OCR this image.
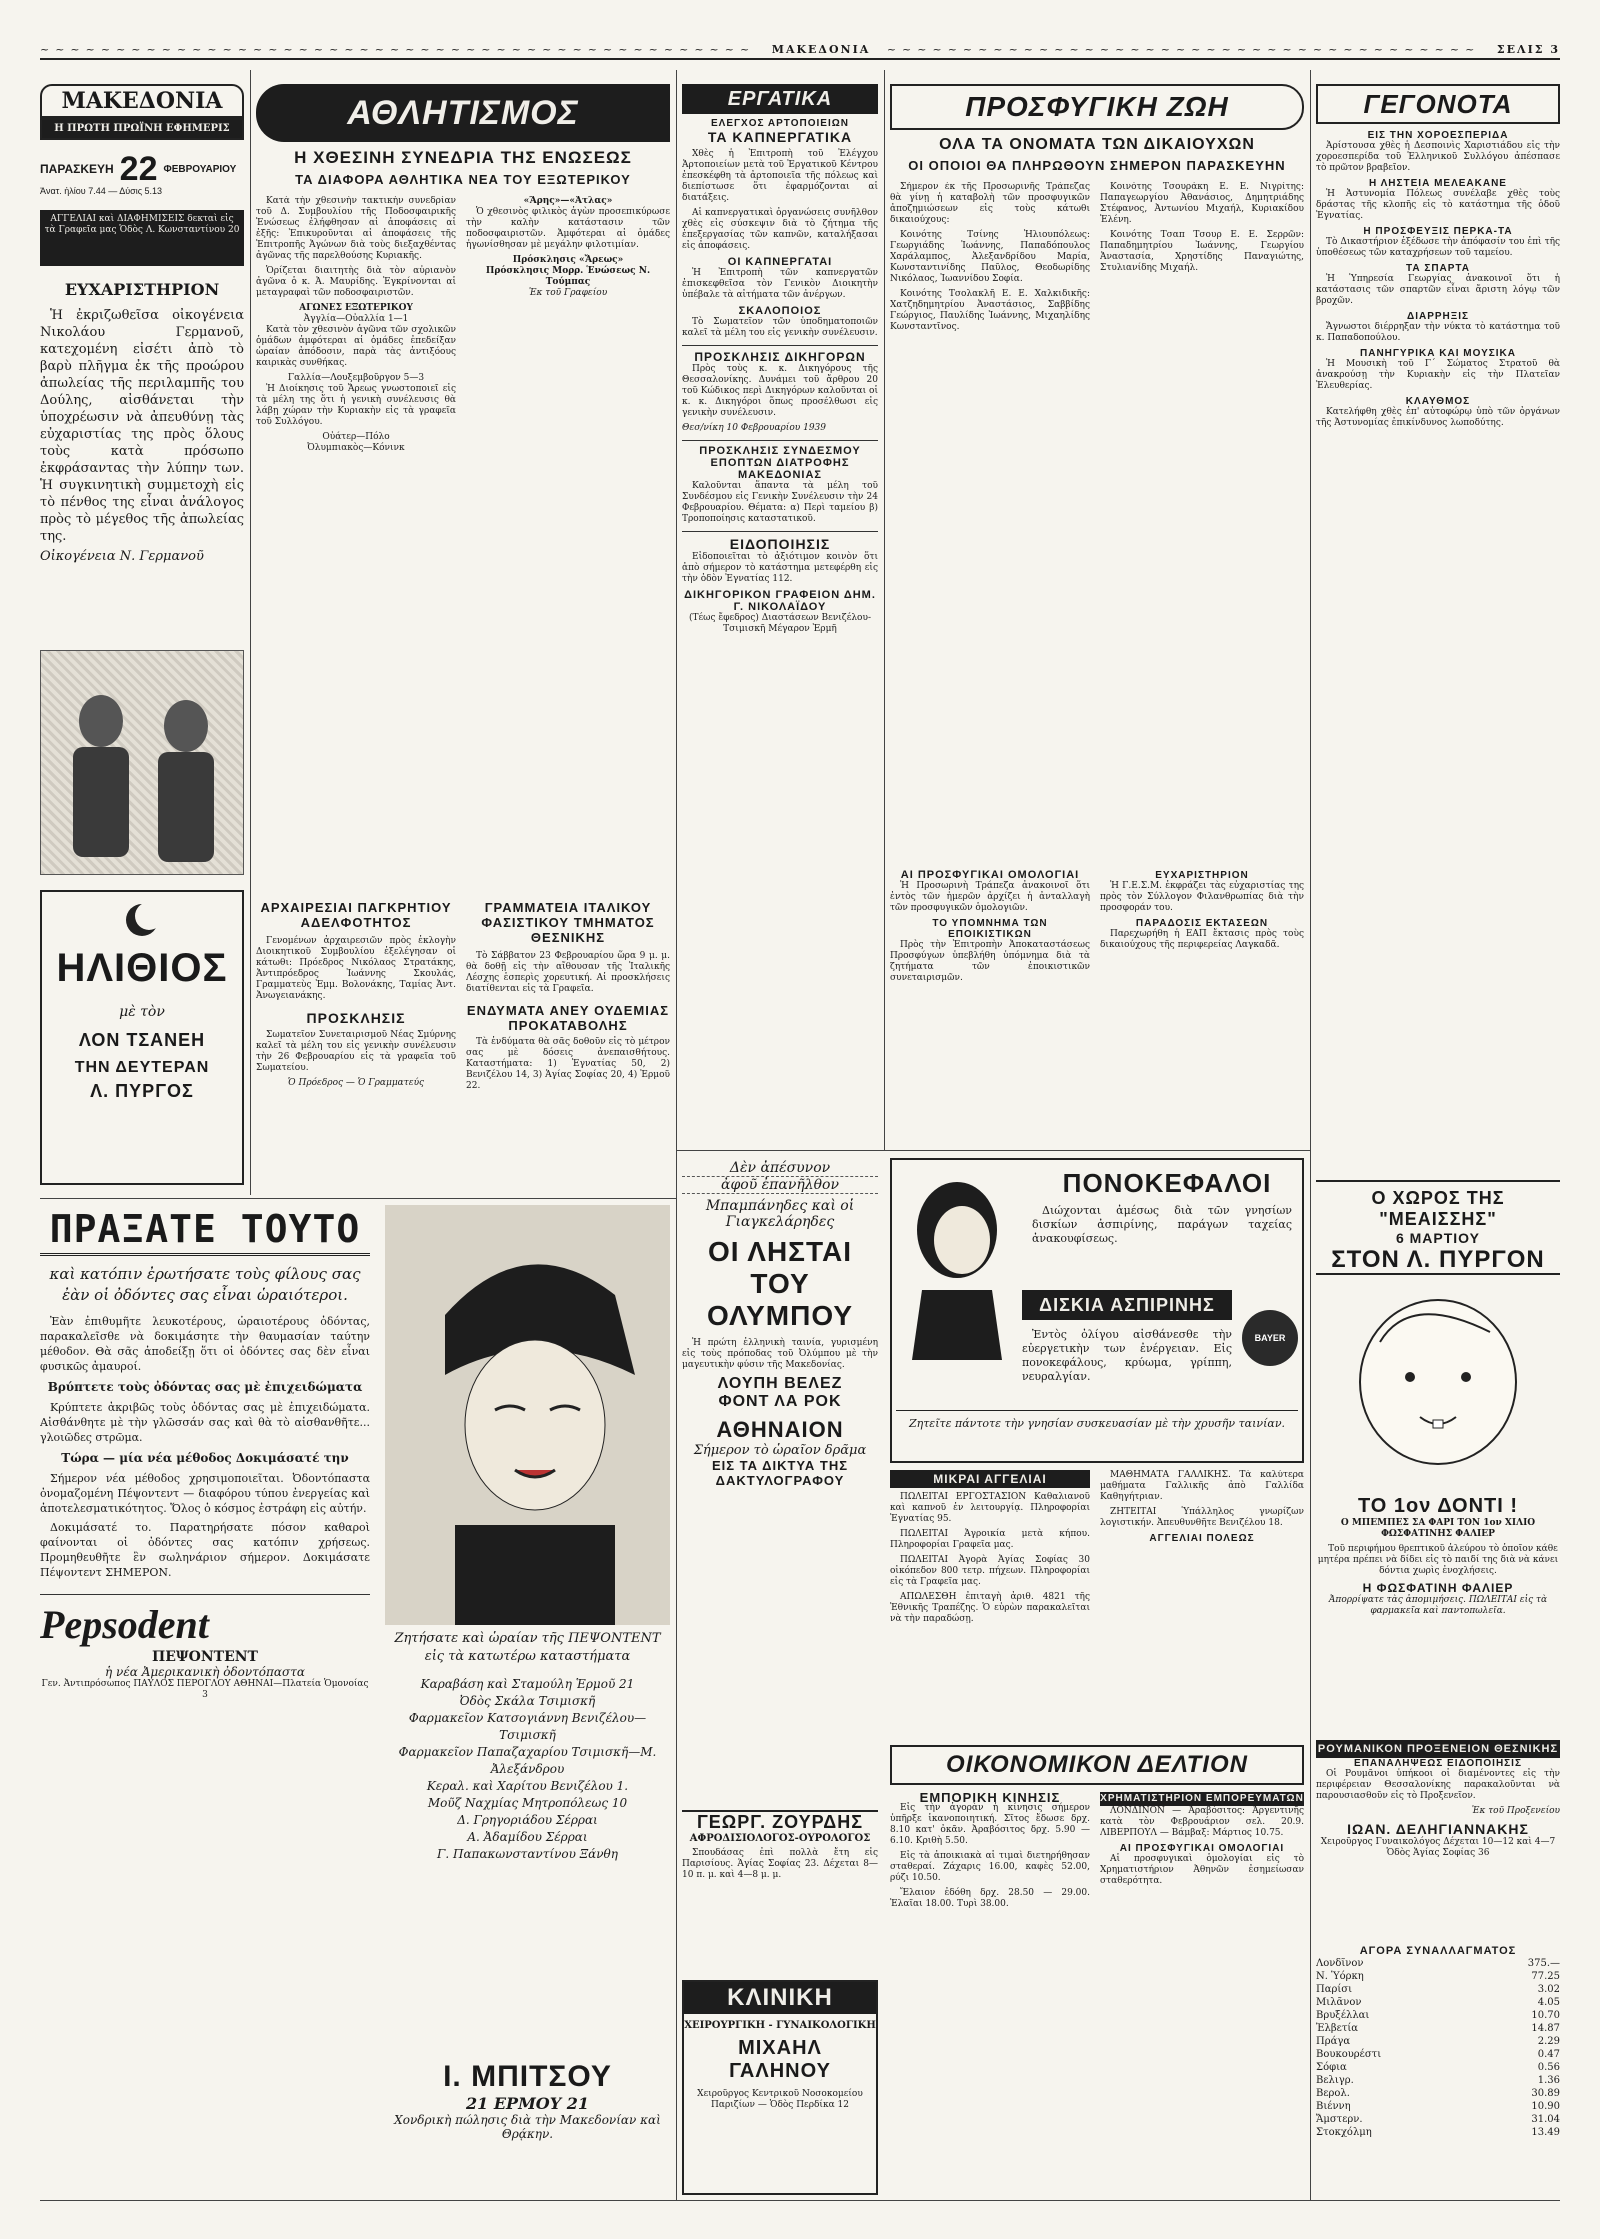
~~~~~~~~~~~~~~~~~~~~~~~~~~~~~~~~~~~~~~~~~~~~~~~ ΜΑΚΕΔΟΝΙΑ ~~~~~~~~~~~~~~~~~~~~~~~~~~~~~~~~~~~~~~~ ΣΕΛΙΣ 3
ΜΑΚΕΔΟΝΙΑ
Η ΠΡΩΤΗ ΠΡΩΪΝΗ ΕΦΗΜΕΡΙΣ
ΠΑΡΑΣΚΕΥΗ 22 ΦΕΒΡΟΥΑΡΙΟΥ
Ἀνατ. ἡλίου 7.44 — Δύσις 5.13
ΑΓΓΕΛΙΑΙ καὶ ΔΙΑΦΗΜΙΣΕΙΣ δεκταὶ εἰς τὰ Γραφεῖα μας Ὁδὸς Λ. Κωνσταντίνου 20
ΕΥΧΑΡΙΣΤΗΡΙΟΝ

Ἡ ἐκριζωθεῖσα οἰκογένεια Νικολάου Γερμανοῦ, κατεχομένη εἰσέτι ἀπὸ τὸ βαρὺ πλῆγμα ἐκ τῆς προώρου ἀπωλείας τῆς περιλαμπῆς του Δούλης, αἰσθάνεται τὴν ὑποχρέωσιν νὰ ἀπευθύνῃ τὰς εὐχαριστίας της πρὸς ὅλους τοὺς κατὰ πρόσωπο ἐκφράσαντας τὴν λύπην των. Ἡ συγκινητικὴ συμμετοχὴ εἰς τὸ πένθος της εἶναι ἀνάλογος πρὸς τὸ μέγεθος τῆς ἀπωλείας της.

Οἰκογένεια Ν. Γερμανοῦ
ΗΛΙΘΙΟΣ
μὲ τὸν
ΛΟΝ ΤΣΑΝΕΗ
ΤΗΝ ΔΕΥΤΕΡΑΝ
Λ. ΠΥΡΓΟΣ
ΑΘΛΗΤΙΣΜΟΣ
Η ΧΘΕΣΙΝΗ ΣΥΝΕΔΡΙΑ ΤΗΣ ΕΝΩΣΕΩΣ
ΤΑ ΔΙΑΦΟΡΑ ΑΘΛΗΤΙΚΑ ΝΕΑ ΤΟΥ ΕΞΩΤΕΡΙΚΟΥ

Κατὰ τὴν χθεσινὴν τακτικὴν συνεδρίαν τοῦ Δ. Συμβουλίου τῆς Ποδοσφαιρικῆς Ἑνώσεως ἐλήφθησαν αἱ ἀποφάσεις αἱ ἑξῆς: Ἐπικυροῦνται αἱ ἀποφάσεις τῆς Ἐπιτροπῆς Ἀγώνων διὰ τοὺς διεξαχθέντας ἀγῶνας τῆς παρελθούσης Κυριακῆς.

Ὁρίζεται διαιτητὴς διὰ τὸν αὐριανὸν ἀγῶνα ὁ κ. Ἀ. Μαυρίδης. Ἐγκρίνονται αἱ μεταγραφαὶ τῶν ποδοσφαιριστῶν.

ΑΓΩΝΕΣ ΕΞΩΤΕΡΙΚΟΥ
Ἀγγλία—Οὐαλλία 1—1

Κατὰ τὸν χθεσινὸν ἀγῶνα τῶν σχολικῶν ὁμάδων ἀμφότεραι αἱ ὁμάδες ἐπεδείξαν ὡραίαν ἀπόδοσιν, παρὰ τὰς ἀντιξόους καιρικὰς συνθήκας.

Γαλλία—Λουξεμβοῦργον 5—3

Ἡ Διοίκησις τοῦ Ἄρεως γνωστοποιεῖ εἰς τὰ μέλη της ὅτι ἡ γενικὴ συνέλευσις θὰ λάβῃ χώραν τὴν Κυριακὴν εἰς τὰ γραφεῖα τοῦ Συλλόγου.

Οὐάτερ—Πόλο
Ὀλυμπιακὸς—Κόνινκ
«Ἄρης»—«Ἀτλας»

Ὁ χθεσινὸς φιλικὸς ἀγὼν προσεπικύρωσε τὴν καλὴν κατάστασιν τῶν ποδοσφαιριστῶν. Ἀμφότεραι αἱ ὁμάδες ἠγωνίσθησαν μὲ μεγάλην φιλοτιμίαν.

Πρόσκλησις «Ἄρεως»
Πρόσκλησις Μορρ. Ἑνώσεως Ν. Τούμπας
Ἐκ τοῦ Γραφείου
ΑΡΧΑΙΡΕΣΙΑΙ ΠΑΓΚΡΗΤΙΟΥ ΑΔΕΛΦΟΤΗΤΟΣ

Γενομένων ἀρχαιρεσιῶν πρὸς ἐκλογὴν Διοικητικοῦ Συμβουλίου ἐξελέγησαν οἱ κάτωθι: Πρόεδρος Νικόλαος Στρατάκης, Ἀντιπρόεδρος Ἰωάννης Σκουλάς, Γραμματεὺς Ἐμμ. Βολονάκης, Ταμίας Ἀντ. Ἀνωγειανάκης.

ΠΡΟΣΚΛΗΣΙΣ

Σωματεῖον Συνεταιρισμοῦ Νέας Σμύρνης καλεῖ τὰ μέλη του εἰς γενικὴν συνέλευσιν τὴν 26 Φεβρουαρίου εἰς τὰ γραφεῖα τοῦ Σωματείου.

Ὁ Πρόεδρος — Ὁ Γραμματεύς
ΓΡΑΜΜΑΤΕΙΑ ΙΤΑΛΙΚΟΥ ΦΑΣΙΣΤΙΚΟΥ ΤΜΗΜΑΤΟΣ ΘΕΣΝΙΚΗΣ

Τὸ Σάββατον 23 Φεβρουαρίου ὥρα 9 μ. μ. θὰ δοθῇ εἰς τὴν αἴθουσαν τῆς Ἰταλικῆς Λέσχης ἑσπερὶς χορευτική. Αἱ προσκλήσεις διατίθενται εἰς τὰ Γραφεῖα.

ΕΝΔΥΜΑΤΑ ΑΝΕΥ ΟΥΔΕΜΙΑΣ ΠΡΟΚΑΤΑΒΟΛΗΣ

Τὰ ἐνδύματα θὰ σᾶς δοθοῦν εἰς τὸ μέτρον σας μὲ δόσεις ἀνεπαισθήτους. Καταστήματα: 1) Ἐγνατίας 50, 2) Βενιζέλου 14, 3) Ἁγίας Σοφίας 20, 4) Ἐρμοῦ 22.

ΕΡΓΑΤΙΚΑ
ΕΛΕΓΧΟΣ ΑΡΤΟΠΟΙΕΙΩΝ
ΤΑ ΚΑΠΝΕΡΓΑΤΙΚΑ

Χθὲς ἡ Ἐπιτροπὴ τοῦ Ἐλέγχου Ἀρτοποιείων μετὰ τοῦ Ἐργατικοῦ Κέντρου ἐπεσκέφθη τὰ ἀρτοποιεῖα τῆς πόλεως καὶ διεπίστωσε ὅτι ἐφαρμόζονται αἱ διατάξεις.

Αἱ καπνεργατικαὶ ὀργανώσεις συνῆλθον χθὲς εἰς σύσκεψιν διὰ τὸ ζήτημα τῆς ἐπεξεργασίας τῶν καπνῶν, καταλήξασαι εἰς ἀποφάσεις.

ΟΙ ΚΑΠΝΕΡΓΑΤΑΙ

Ἡ Ἐπιτροπὴ τῶν καπνεργατῶν ἐπισκεφθεῖσα τὸν Γενικὸν Διοικητὴν ὑπέβαλε τὰ αἰτήματα τῶν ἀνέργων.

ΣΚΑΛΟΠΟΙΟΣ

Τὸ Σωματεῖον τῶν ὑποδηματοποιῶν καλεῖ τὰ μέλη του εἰς γενικὴν συνέλευσιν.

ΠΡΟΣΚΛΗΣΙΣ ΔΙΚΗΓΟΡΩΝ

Πρὸς τοὺς κ. κ. Δικηγόρους τῆς Θεσσαλονίκης. Δυνάμει τοῦ ἄρθρου 20 τοῦ Κώδικος περὶ Δικηγόρων καλοῦνται οἱ κ. κ. Δικηγόροι ὅπως προσέλθωσι εἰς γενικὴν συνέλευσιν.

Θεσ/νίκη 10 Φεβρουαρίου 1939
ΠΡΟΣΚΛΗΣΙΣ ΣΥΝΔΕΣΜΟΥ ΕΠΟΠΤΩΝ ΔΙΑΤΡΟΦΗΣ ΜΑΚΕΔΟΝΙΑΣ

Καλοῦνται ἅπαντα τὰ μέλη τοῦ Συνδέσμου εἰς Γενικὴν Συνέλευσιν τὴν 24 Φεβρουαρίου. Θέματα: α) Περὶ ταμείου β) Τροποποίησις καταστατικοῦ.

ΕΙΔΟΠΟΙΗΣΙΣ

Εἰδοποιεῖται τὸ ἀξιότιμον κοινὸν ὅτι ἀπὸ σήμερον τὸ κατάστημα μετεφέρθη εἰς τὴν ὁδὸν Ἐγνατίας 112.

ΔΙΚΗΓΟΡΙΚΟΝ ΓΡΑΦΕΙΟΝ ΔΗΜ. Γ. ΝΙΚΟΛΑΪΔΟΥ
(Τέως ἔφεδρος) Διαστάσεων Βενιζέλου-Τσιμισκῆ Μέγαρον Ἐρμῆ
ΠΡΟΣΦΥΓΙΚΗ ΖΩΗ
ΟΛΑ ΤΑ ΟΝΟΜΑΤΑ ΤΩΝ ΔΙΚΑΙΟΥΧΩΝ
ΟΙ ΟΠΟΙΟΙ ΘΑ ΠΛΗΡΩΘΟΥΝ ΣΗΜΕΡΟΝ ΠΑΡΑΣΚΕΥΗΝ

Σήμερον ἐκ τῆς Προσωρινῆς Τράπεζας θὰ γίνῃ ἡ καταβολὴ τῶν προσφυγικῶν ἀποζημιώσεων εἰς τοὺς κάτωθι δικαιούχους:

Κοινότης Τσίνης Ἡλιουπόλεως: Γεωργιάδης Ἰωάννης, Παπαδόπουλος Χαράλαμπος, Ἀλεξανδρίδου Μαρία, Κωνσταντινίδης Παῦλος, Θεοδωρίδης Νικόλαος, Ἰωαννίδου Σοφία.

Κοινότης Τσολακλῆ Ε. Ε. Χαλκιδικῆς: Χατζηδημητρίου Ἀναστάσιος, Σαββίδης Γεώργιος, Παυλίδης Ἰωάννης, Μιχαηλίδης Κωνσταντῖνος.

Κοινότης Τσουράκη Ε. Ε. Νιγρίτης: Παπαγεωργίου Ἀθανάσιος, Δημητριάδης Στέφανος, Ἀντωνίου Μιχαήλ, Κυριακίδου Ἑλένη.

Κοινότης Τσαπ Τσουρ Ε. Ε. Σερρῶν: Παπαδημητρίου Ἰωάννης, Γεωργίου Ἀναστασία, Χρηστίδης Παναγιώτης, Στυλιανίδης Μιχαήλ.

ΑΙ ΠΡΟΣΦΥΓΙΚΑΙ ΟΜΟΛΟΓΙΑΙ

Ἡ Προσωρινὴ Τράπεζα ἀνακοινοῖ ὅτι ἐντὸς τῶν ἡμερῶν ἀρχίζει ἡ ἀνταλλαγὴ τῶν προσφυγικῶν ὁμολογιῶν.

ΤΟ ΥΠΟΜΝΗΜΑ ΤΩΝ ΕΠΟΙΚΙΣΤΙΚΩΝ

Πρὸς τὴν Ἐπιτροπὴν Ἀποκαταστάσεως Προσφύγων ὑπεβλήθη ὑπόμνημα διὰ τὰ ζητήματα τῶν ἐποικιστικῶν συνεταιρισμῶν.

ΕΥΧΑΡΙΣΤΗΡΙΟΝ

Ἡ Γ.Ε.Σ.Μ. ἐκφράζει τὰς εὐχαριστίας της πρὸς τὸν Σύλλογον Φιλανθρωπίας διὰ τὴν προσφοράν του.

ΠΑΡΑΔΟΣΙΣ ΕΚΤΑΣΕΩΝ

Παρεχωρήθη ἡ ΕΑΠ ἔκτασις πρὸς τοὺς δικαιούχους τῆς περιφερείας Λαγκαδᾶ.

ΓΕΓΟΝΟΤΑ
ΕΙΣ ΤΗΝ ΧΟΡΟΕΣΠΕΡΙΔΑ

Ἀρίστουσα χθὲς ἡ Δεσποινὶς Χαριστιάδου εἰς τὴν χοροεσπερίδα τοῦ Ἑλληνικοῦ Συλλόγου ἀπέσπασε τὸ πρῶτον βραβεῖον.

Η ΛΗΣΤΕΙΑ ΜΕΛΕΑΚΑΝΕ

Ἡ Ἀστυνομία Πόλεως συνέλαβε χθὲς τοὺς δράστας τῆς κλοπῆς εἰς τὸ κατάστημα τῆς ὁδοῦ Ἐγνατίας.

Η ΠΡΟΣΦΕΥΞΙΣ ΠΕΡΚΑ-ΤΑ

Τὸ Δικαστήριον ἐξέδωσε τὴν ἀπόφασίν του ἐπὶ τῆς ὑποθέσεως τῶν καταχρήσεων τοῦ ταμείου.

ΤΑ ΣΠΑΡΤΑ

Ἡ Ὑπηρεσία Γεωργίας ἀνακοινοῖ ὅτι ἡ κατάστασις τῶν σπαρτῶν εἶναι ἄριστη λόγῳ τῶν βροχῶν.

ΔΙΑΡΡΗΞΙΣ

Ἄγνωστοι διέρρηξαν τὴν νύκτα τὸ κατάστημα τοῦ κ. Παπαδοπούλου.

ΠΑΝΗΓΥΡΙΚΑ ΚΑΙ ΜΟΥΣΙΚΑ

Ἡ Μουσικὴ τοῦ Γ΄ Σώματος Στρατοῦ θὰ ἀνακρούσῃ τὴν Κυριακὴν εἰς τὴν Πλατεῖαν Ἐλευθερίας.

ΚΛΑΥΘΜΟΣ

Κατελήφθη χθὲς ἐπ' αὐτοφώρῳ ὑπὸ τῶν ὀργάνων τῆς Ἀστυνομίας ἐπικίνδυνος λωποδύτης.

ΠΡΑΞΑΤΕ ΤΟΥΤΟ
καὶ κατόπιν ἐρωτήσατε τοὺς φίλους σας ἐὰν οἱ ὀδόντες σας εἶναι ὡραιότεροι.

Ἐὰν ἐπιθυμῆτε λευκοτέρους, ὡραιοτέρους ὀδόντας, παρακαλεῖσθε νὰ δοκιμάσητε τὴν θαυμασίαν ταύτην μέθοδον. Θὰ σᾶς ἀποδείξῃ ὅτι οἱ ὀδόντες σας δὲν εἶναι φυσικῶς ἀμαυροί.

Βρύπτετε τοὺς ὀδόντας σας μὲ ἐπιχειδώματα

Κρύπτετε ἀκριβῶς τοὺς ὀδόντας σας μὲ ἐπιχειδώματα. Αἰσθάνθητε μὲ τὴν γλῶσσάν σας καὶ θὰ τὸ αἰσθανθῆτε... γλοιῶδες στρῶμα.

Τώρα — μία νέα μέθοδος Δοκιμάσατέ την

Σήμερον νέα μέθοδος χρησιμοποιεῖται. Ὀδοντόπαστα ὀνομαζομένη Πέψοντεντ — διαφόρου τύπου ἐνεργείας καὶ ἀποτελεσματικότητος. Ὅλος ὁ κόσμος ἐστράφη εἰς αὐτήν.

Δοκιμάσατέ το. Παρατηρήσατε πόσον καθαροὶ φαίνονται οἱ ὀδόντες σας κατόπιν χρήσεως. Προμηθευθῆτε ἓν σωληνάριον σήμερον. Δοκιμάσατε Πέψοντεντ ΣΗΜΕΡΟΝ.

Pepsodent
ΠΕΨΟΝΤΕΝΤ
ἡ νέα Ἀμερικανικὴ ὀδοντόπαστα
Γεν. Ἀντιπρόσωπος ΠΑΥΛΟΣ ΠΕΡΟΓΛΟΥ ΑΘΗΝΑΙ—Πλατεία Ὁμονοίας 3
Ζητήσατε καὶ ὡραίαν τῆς ΠΕΨΟΝΤΕΝΤ εἰς τὰ κατωτέρω καταστήματα
Καραβάση καὶ Σταμούλη Ἑρμοῦ 21
Ὀδὸς Σκάλα Τσιμισκῆ
Φαρμακεῖον Κατσογιάννη Βενιζέλου—Τσιμισκῆ
Φαρμακεῖον Παπαζαχαρίου Τσιμισκῆ—Μ. Ἀλεξάνδρου
Κεραλ. καὶ Χαρίτου Βενιζέλου 1.
Μοῦζ Ναχμίας Μητροπόλεως 10
Δ. Γρηγοριάδου Σέρραι
Α. Ἀδαμίδου Σέρραι
Γ. Παπακωνσταντίνου Ξάνθη
Ι. ΜΠΙΤΣΟΥ
21 ΕΡΜΟΥ 21
Χονδρικὴ πώλησις διὰ τὴν Μακεδονίαν καὶ Θρᾴκην.
Δὲν ἀπέσυνον
ἀφοῦ ἐπανῆλθον
Μπαμπάνηδες καὶ οἱ Γιαγκελάρηδες
ΟΙ ΛΗΣΤΑΙ ΤΟΥ ΟΛΥΜΠΟΥ

Ἡ πρώτη ἐλληνικὴ ταινία, γυρισμένη εἰς τοὺς πρόποδας τοῦ Ὀλύμπου μὲ τὴν μαγευτικὴν φύσιν τῆς Μακεδονίας.

ΛΟΥΠΗ ΒΕΛΕΖ
ΦΟΝΤ ΛΑ ΡΟΚ
ΑΘΗΝΑΙΟΝ
Σήμερον τὸ ὡραῖον δρᾶμα
ΕΙΣ ΤΑ ΔΙΚΤΥΑ ΤΗΣ ΔΑΚΤΥΛΟΓΡΑΦΟΥ
ΓΕΩΡΓ. ΖΟΥΡΔΗΣ
ΑΦΡΟΔΙΣΙΟΛΟΓΟΣ-ΟΥΡΟΛΟΓΟΣ

Σπουδάσας ἐπὶ πολλὰ ἔτη εἰς Παρισίους. Ἁγίας Σοφίας 23. Δέχεται 8—10 π. μ. καὶ 4—8 μ. μ.

ΚΛΙΝΙΚΗ
ΧΕΙΡΟΥΡΓΙΚΗ - ΓΥΝΑΙΚΟΛΟΓΙΚΗ
ΜΙΧΑΗΛ ΓΑΛΗΝΟΥ
Χειροῦργος Κεντρικοῦ Νοσοκομείου Παριζίων — Ὁδὸς Περδίκα 12
ΠΟΝΟΚΕΦΑΛΟΙ

Διώχονται ἀμέσως διὰ τῶν γνησίων δισκίων ἀσπιρίνης, παράγων ταχείας ἀνακουφίσεως.

ΔΙΣΚΙΑ ΑΣΠΙΡΙΝΗΣ

Ἐντὸς ὀλίγου αἰσθάνεσθε τὴν εὐεργετικὴν των ἐνέργειαν. Εἰς πονοκεφάλους, κρύωμα, γρίππη, νευραλγίαν.

BAYER
Ζητεῖτε πάντοτε τὴν γνησίαν συσκευασίαν μὲ τὴν χρυσῆν ταινίαν.
ΜΙΚΡΑΙ ΑΓΓΕΛΙΑΙ

ΠΩΛΕΙΤΑΙ ΕΡΓΟΣΤΑΣΙΟΝ Καθαλιανοῦ καὶ καπνοῦ ἐν λειτουργίᾳ. Πληροφορίαι Ἐγνατίας 95.

ΠΩΛΕΙΤΑΙ Ἀγροικία μετὰ κήπου. Πληροφορίαι Γραφεῖα μας.

ΠΩΛΕΙΤΑΙ Ἀγορὰ Ἀγίας Σοφίας 30 οἰκόπεδον 800 τετρ. πήχεων. Πληροφορίαι εἰς τὰ Γραφεῖα μας.

ΑΠΩΛΕΣΘΗ ἐπιταγὴ ἀριθ. 4821 τῆς Ἐθνικῆς Τραπέζης. Ὁ εὑρὼν παρακαλεῖται νὰ τὴν παραδώσῃ.

ΜΑΘΗΜΑΤΑ ΓΑΛΛΙΚΗΣ. Τὰ καλύτερα μαθήματα Γαλλικῆς ἀπὸ Γαλλίδα Καθηγήτριαν.

ΖΗΤΕΙΤΑΙ Ὑπάλληλος γνωρίζων λογιστικήν. Ἀπευθυνθῆτε Βενιζέλου 18.

ΑΓΓΕΛΙΑΙ ΠΟΛΕΩΣ
ΟΙΚΟΝΟΜΙΚΟΝ ΔΕΛΤΙΟΝ
ΕΜΠΟΡΙΚΗ ΚΙΝΗΣΙΣ

Εἰς τὴν ἀγορὰν ἡ κίνησις σήμερον ὑπῆρξε ἱκανοποιητική. Σῖτος ἔδωσε δρχ. 8.10 κατ' ὀκᾶν. Ἀραβόσιτος δρχ. 5.90 — 6.10. Κριθὴ 5.50.

Εἰς τὰ ἀποικιακὰ αἱ τιμαὶ διετηρήθησαν σταθεραί. Ζάχαρις 16.00, καφὲς 52.00, ρύζι 10.50.

Ἔλαιον ἐδόθη δρχ. 28.50 — 29.00. Ἐλαῖαι 18.00. Τυρὶ 38.00.

ΧΡΗΜΑΤΙΣΤΗΡΙΟΝ ΕΜΠΟΡΕΥΜΑΤΩΝ

ΛΟΝΔΙΝΟΝ — Ἀραβόσιτος: Ἀργεντινῆς κατὰ τὸν Φεβρουάριον σελ. 20.9. ΛΙΒΕΡΠΟΥΛ — Βάμβαξ: Μάρτιος 10.75.

ΑΙ ΠΡΟΣΦΥΓΙΚΑΙ ΟΜΟΛΟΓΙΑΙ

Αἱ προσφυγικαὶ ὁμολογίαι εἰς τὸ Χρηματιστήριον Ἀθηνῶν ἐσημείωσαν σταθερότητα.

Ο ΧΩΡΟΣ ΤΗΣ "ΜΕΑΙΣΣΗΣ"
6 ΜΑΡΤΙΟΥ
ΣΤΟΝ Λ. ΠΥΡΓΟΝ
ΤΟ 1ον ΔΟΝΤΙ !
Ο ΜΠΕΜΠΕΣ ΣΑ ΦΑΡΙ ΤΟΝ 1ον ΧΙΛΙΟ ΦΩΣΦΑΤΙΝΗΣ ΦΑΛΙΕΡ

Τοῦ περιφήμου θρεπτικοῦ ἀλεύρου τὸ ὁποῖον κάθε μητέρα πρέπει νὰ δίδει εἰς τὸ παιδί της διὰ νὰ κάνει δόντια χωρὶς ἐνοχλήσεις.

Η ΦΩΣΦΑΤΙΝΗ ΦΑΛΙΕΡ
Ἀπορρίψατε τὰς ἀπομιμήσεις. ΠΩΛΕΙΤΑΙ εἰς τὰ φαρμακεῖα καὶ παντοπωλεῖα.
ΡΟΥΜΑΝΙΚΟΝ ΠΡΟΞΕΝΕΙΟΝ ΘΕΣΝΙΚΗΣ
ΕΠΑΝΑΛΗΨΕΩΣ ΕΙΔΟΠΟΙΗΣΙΣ

Οἱ Ρουμᾶνοι ὑπήκοοι οἱ διαμένοντες εἰς τὴν περιφέρειαν Θεσσαλονίκης παρακαλοῦνται νὰ παρουσιασθοῦν εἰς τὸ Προξενεῖον.

Ἐκ τοῦ Προξενείου
ΙΩΑΝ. ΔΕΛΗΓΙΑΝΝΑΚΗΣ
Χειροῦργος Γυναικολόγος Δέχεται 10—12 καὶ 4—7 Ὁδὸς Ἁγίας Σοφίας 36
ΑΓΟΡΑ ΣΥΝΑΛΛΑΓΜΑΤΟΣ
Λονδῖνον	375.—
Ν. Ὑόρκη	77.25
Παρίσι	3.02
Μιλᾶνον	4.05
Βρυξέλλαι	10.70
Ἐλβετία	14.87
Πράγα	2.29
Βουκουρέστι	0.47
Σόφια	0.56
Βελιγρ.	1.36
Βερολ.	30.89
Βιέννη	10.90
Ἄμστερν.	31.04
Στοκχόλμη	13.49
